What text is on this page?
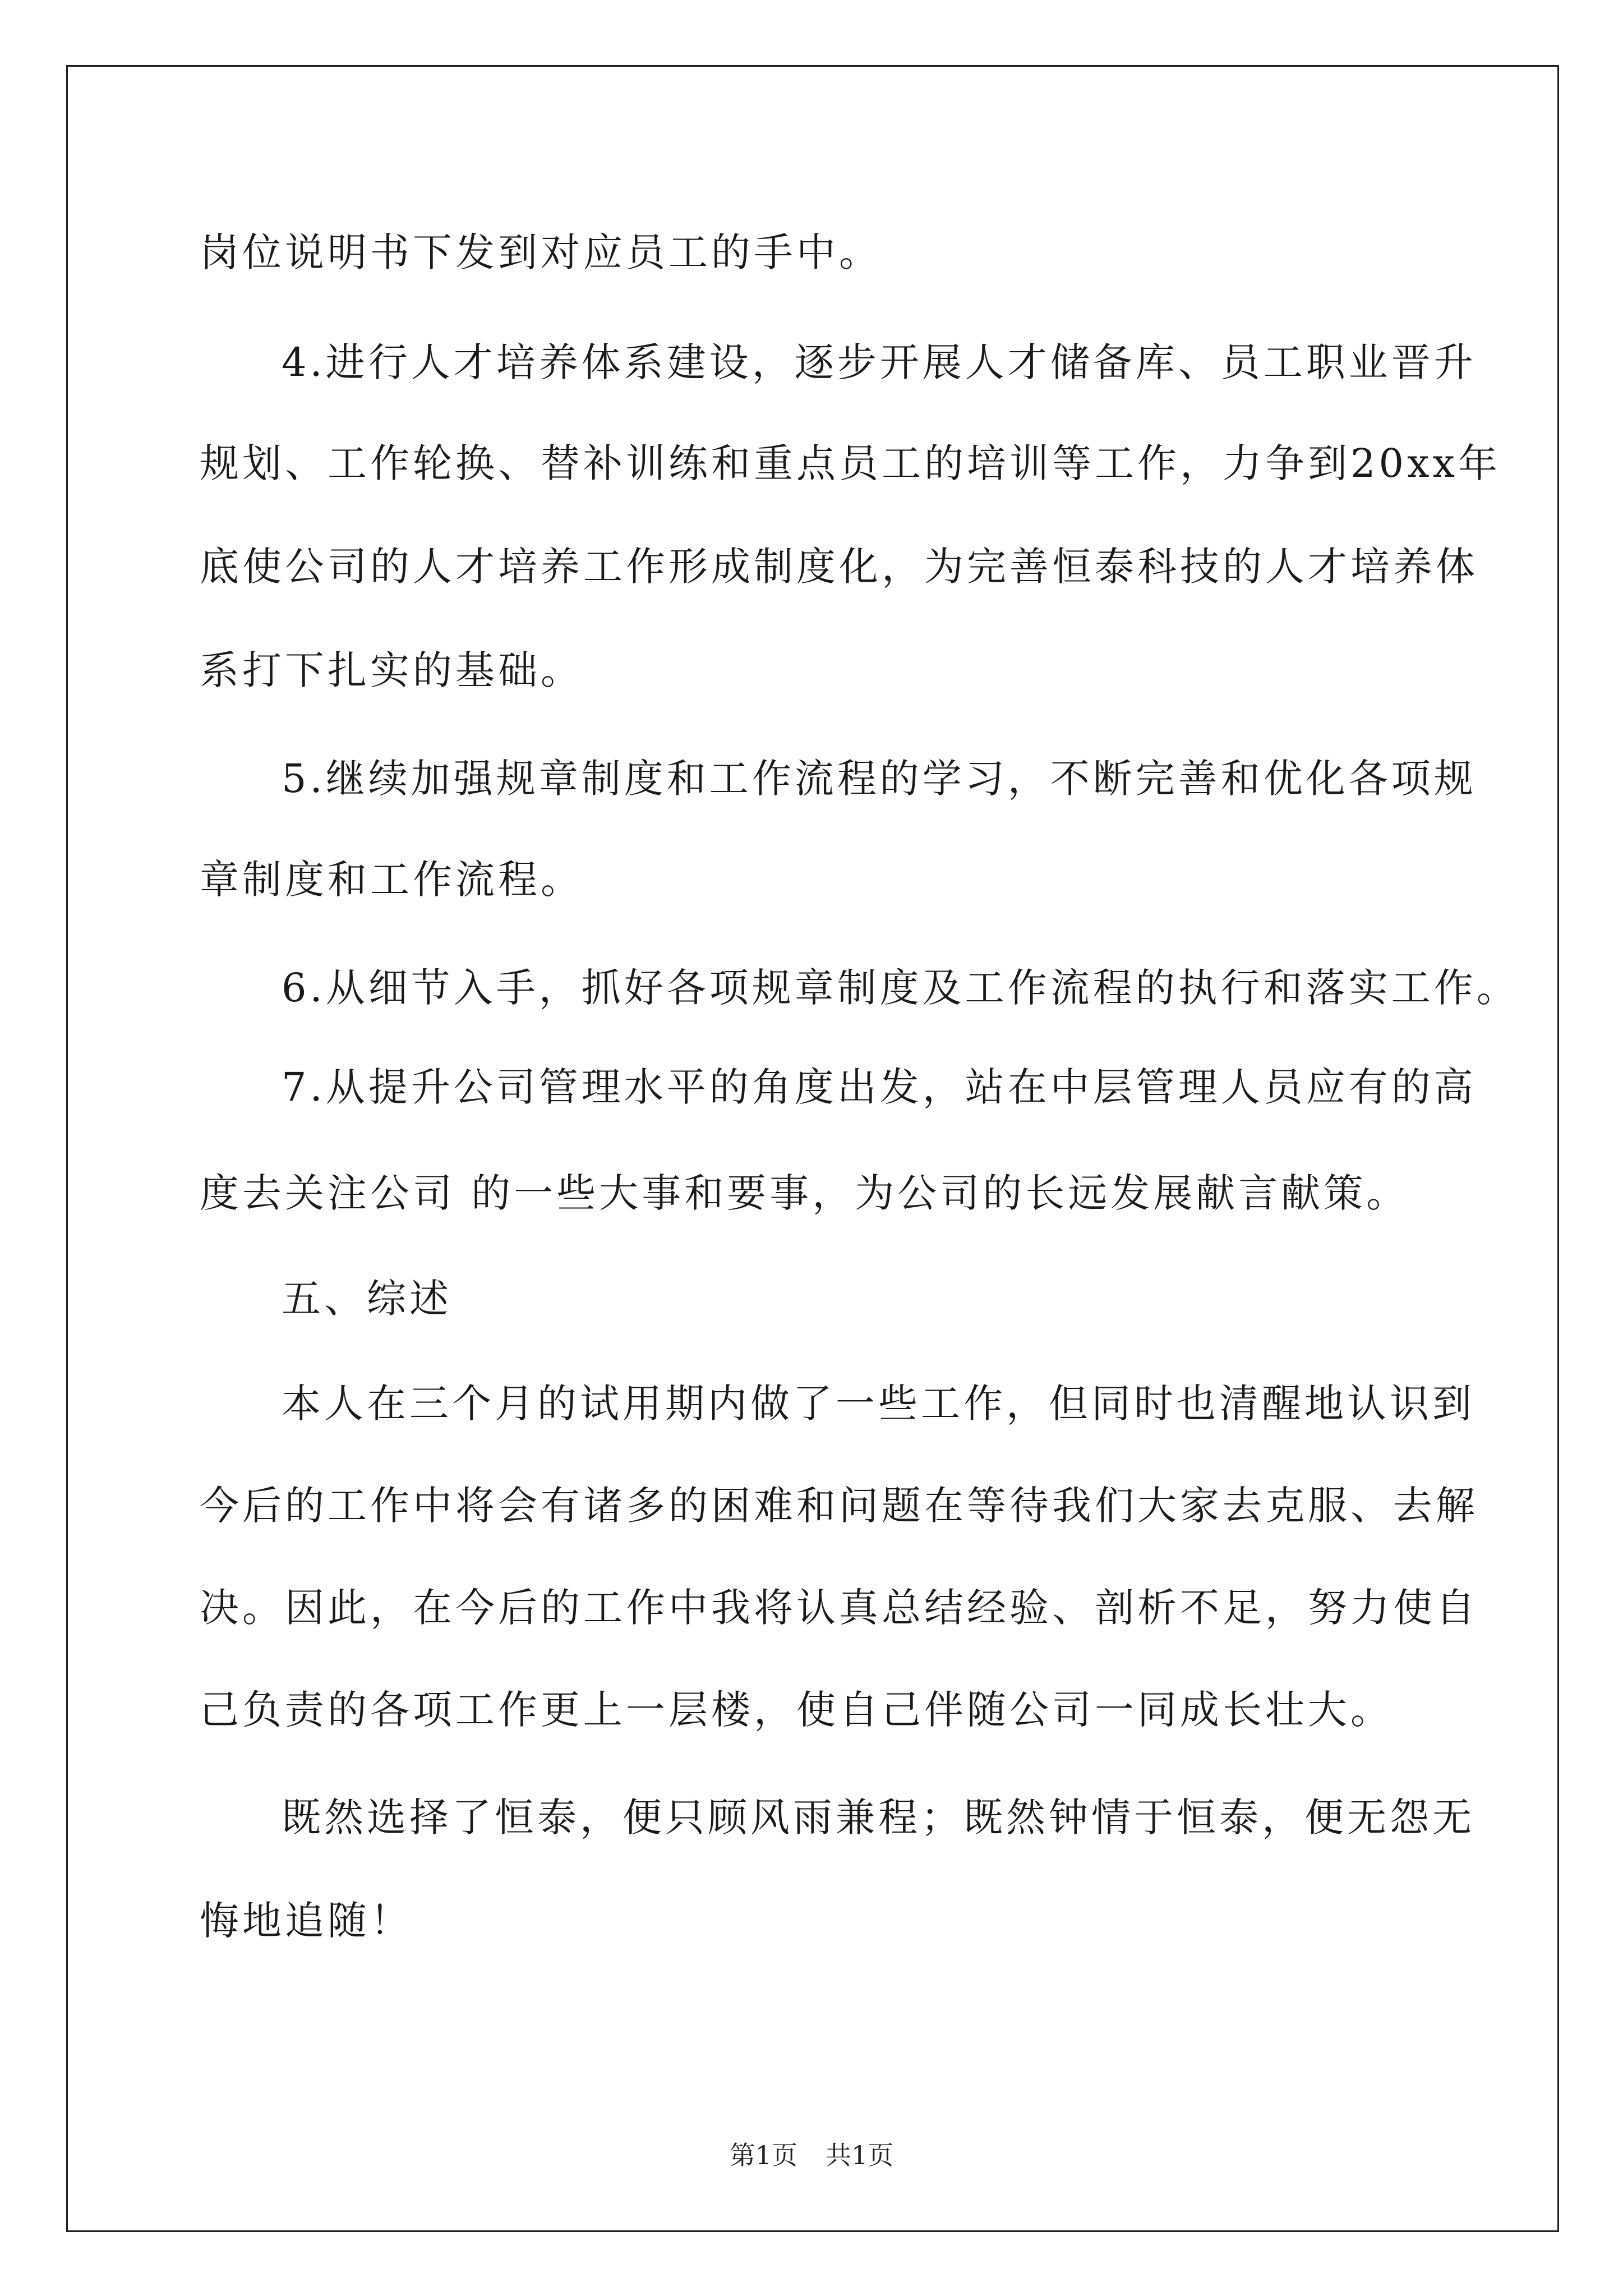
岗位说明书下发到对应员工的手中。
4.进行人才培养体系建设，逐步开展人才储备库、员工职业晋升
规划、工作轮换、替补训练和重点员工的培训等工作，力争到20xx年
底使公司的人才培养工作形成制度化，为完善恒泰科技的人才培养体
系打下扎实的基础。
5.继续加强规章制度和工作流程的学习，不断完善和优化各项规
章制度和工作流程。
6.从细节入手，抓好各项规章制度及工作流程的执行和落实工作。
7.从提升公司管理水平的角度出发，站在中层管理人员应有的高
度去关注公司 的一些大事和要事，为公司的长远发展献言献策。
五、综述
本人在三个月的试用期内做了一些工作，但同时也清醒地认识到
今后的工作中将会有诸多的困难和问题在等待我们大家去克服、去解
决。因此，在今后的工作中我将认真总结经验、剖析不足，努力使自
己负责的各项工作更上一层楼，使自己伴随公司一同成长壮大。
既然选择了恒泰，便只顾风雨兼程；既然钟情于恒泰，便无怨无
悔地追随！
第1页 共1页
